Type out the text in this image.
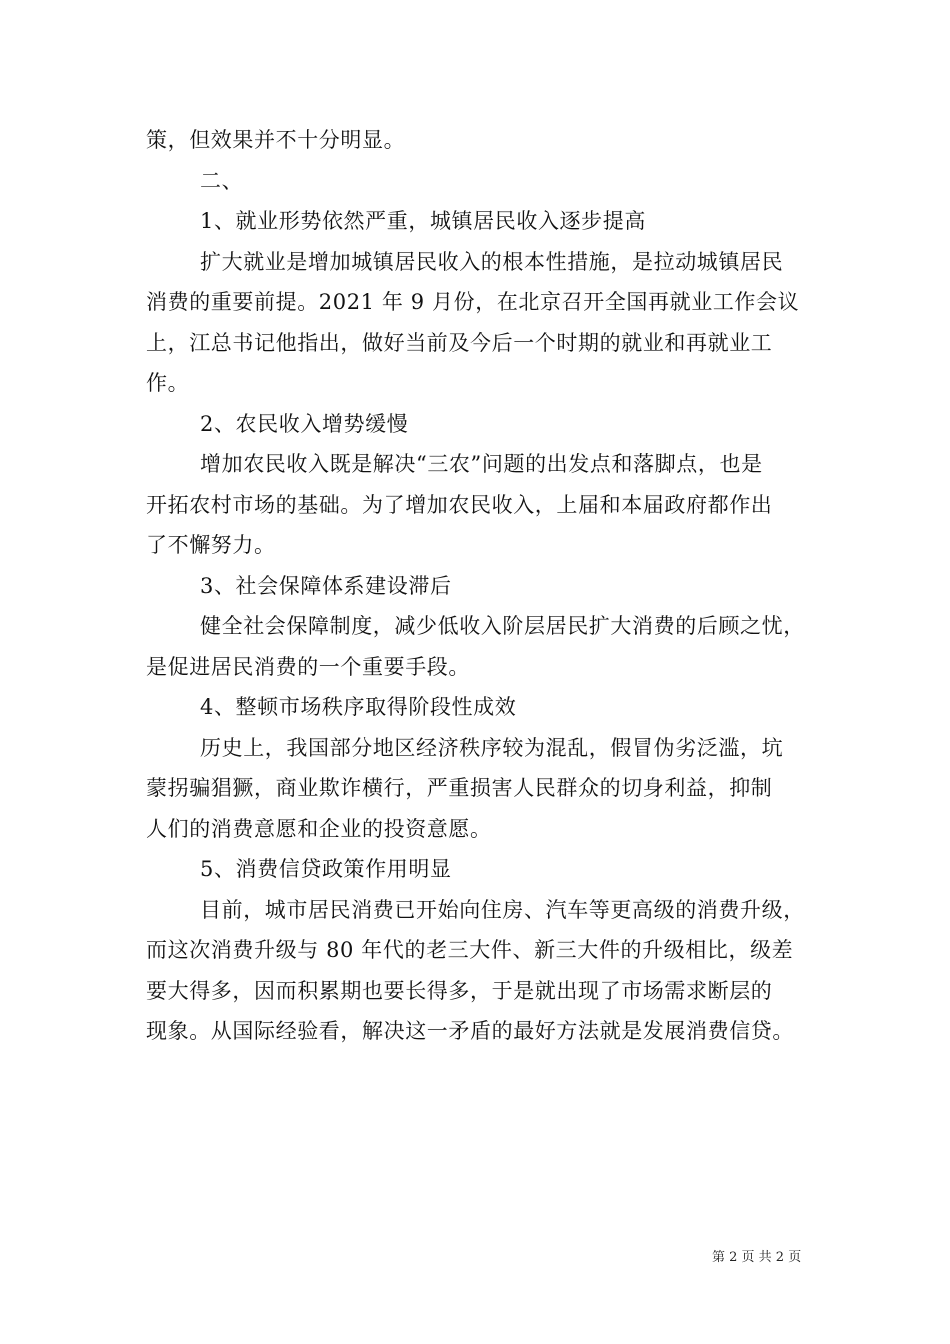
策，但效果并不十分明显。
二、
1、就业形势依然严重，城镇居民收入逐步提高
扩大就业是增加城镇居民收入的根本性措施，是拉动城镇居民
消费的重要前提。2021 年 9 月份，在北京召开全国再就业工作会议
上，江总书记他指出，做好当前及今后一个时期的就业和再就业工
作。
2、农民收入增势缓慢
增加农民收入既是解决“三农”问题的出发点和落脚点，也是
开拓农村市场的基础。为了增加农民收入，上届和本届政府都作出
了不懈努力。
3、社会保障体系建设滞后
健全社会保障制度，减少低收入阶层居民扩大消费的后顾之忧，
是促进居民消费的一个重要手段。
4、整顿市场秩序取得阶段性成效
历史上，我国部分地区经济秩序较为混乱，假冒伪劣泛滥，坑
蒙拐骗猖獗，商业欺诈横行，严重损害人民群众的切身利益，抑制
人们的消费意愿和企业的投资意愿。
5、消费信贷政策作用明显
目前，城市居民消费已开始向住房、汽车等更高级的消费升级，
而这次消费升级与 80 年代的老三大件、新三大件的升级相比，级差
要大得多，因而积累期也要长得多，于是就出现了市场需求断层的
现象。从国际经验看，解决这一矛盾的最好方法就是发展消费信贷。
第 2 页 共 2 页
